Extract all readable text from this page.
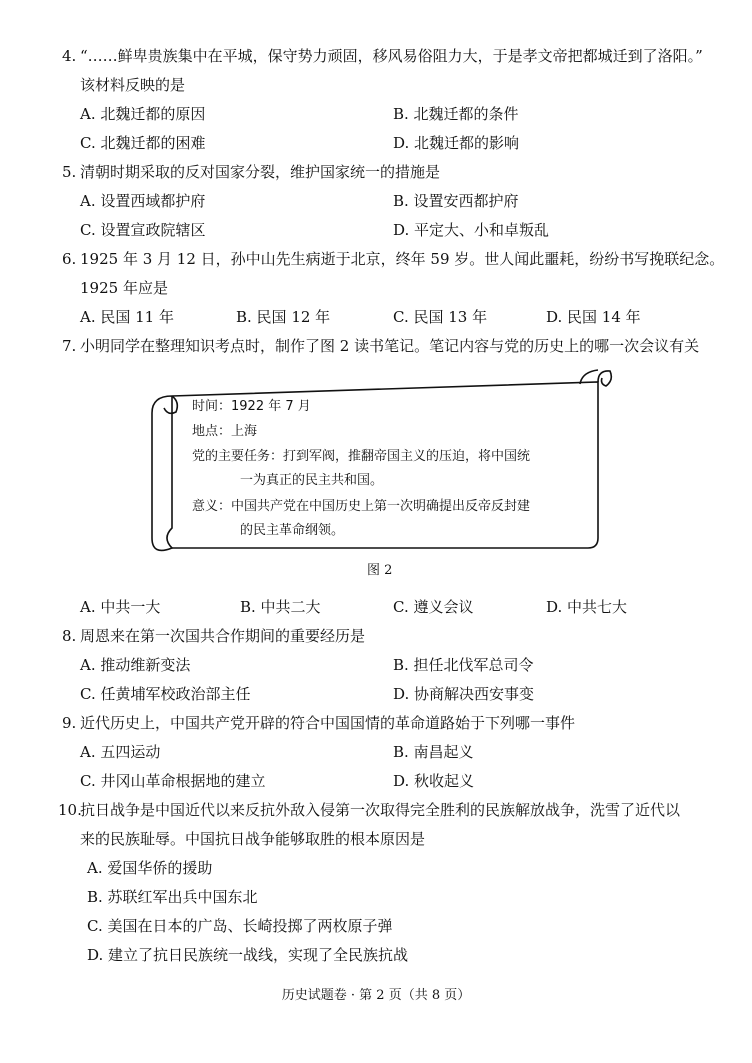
4. “……鲜卑贵族集中在平城，保守势力顽固，移风易俗阻力大，于是孝文帝把都城迁到了洛阳。”
该材料反映的是
A. 北魏迁都的原因	B. 北魏迁都的条件
C. 北魏迁都的困难	D. 北魏迁都的影响
5. 清朝时期采取的反对国家分裂，维护国家统一的措施是
A. 设置西域都护府	B. 设置安西都护府
C. 设置宣政院辖区	D. 平定大、小和卓叛乱
6. 1925 年 3 月 12 日，孙中山先生病逝于北京，终年 59 岁。世人闻此噩耗，纷纷书写挽联纪念。
1925 年应是
A. 民国 11 年	B. 民国 12 年	C. 民国 13 年	D. 民国 14 年
7. 小明同学在整理知识考点时，制作了图 2 读书笔记。笔记内容与党的历史上的哪一次会议有关
时间：1922 年 7 月
地点：上海
党的主要任务：打到军阀，推翻帝国主义的压迫，将中国统
一为真正的民主共和国。
意义：中国共产党在中国历史上第一次明确提出反帝反封建
的民主革命纲领。
图 2
A. 中共一大	B. 中共二大	C. 遵义会议	D. 中共七大
8. 周恩来在第一次国共合作期间的重要经历是
A. 推动维新变法	B. 担任北伐军总司令
C. 任黄埔军校政治部主任	D. 协商解决西安事变
9. 近代历史上，中国共产党开辟的符合中国国情的革命道路始于下列哪一事件
A. 五四运动	B. 南昌起义
C. 井冈山革命根据地的建立	D. 秋收起义
10.
抗日战争是中国近代以来反抗外敌入侵第一次取得完全胜利的民族解放战争，洗雪了近代以
来的民族耻辱。中国抗日战争能够取胜的根本原因是
A. 爱国华侨的援助
B. 苏联红军出兵中国东北
C. 美国在日本的广岛、长崎投掷了两枚原子弹
D. 建立了抗日民族统一战线，实现了全民族抗战
历史试题卷 · 第 2 页（共 8 页）
